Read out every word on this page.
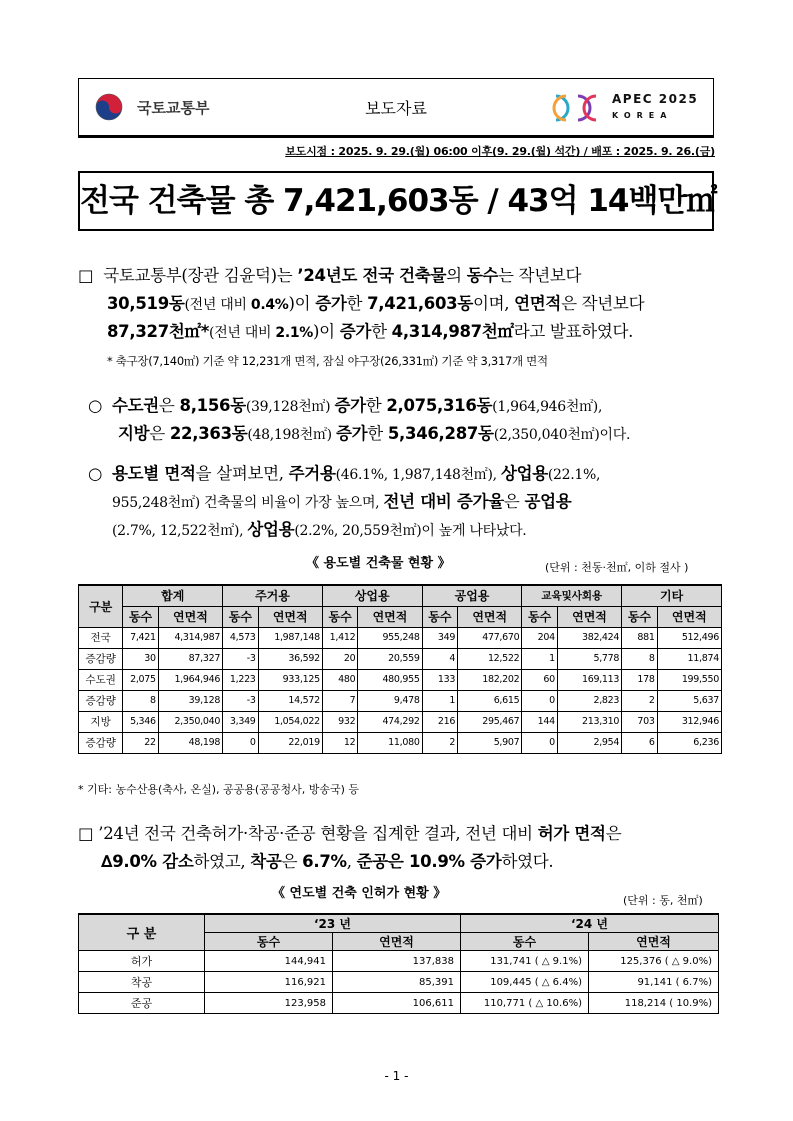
국토교통부	보도자료	APEC 2025
KOREA
보도시점 : 2025. 9. 29.(월) 06:00 이후(9. 29.(월) 석간) / 배포 : 2025. 9. 26.(금)
전국 건축물 총 7,421,603동 / 43억 14백만㎡
□ 국토교통부(장관 김윤덕)는 ’24년도 전국 건축물의 동수는 작년보다
30,519동(전년 대비 0.4%)이 증가한 7,421,603동이며, 연면적은 작년보다
87,327천㎡*(전년 대비 2.1%)이 증가한 4,314,987천㎡라고 발표하였다.
* 축구장(7,140㎡) 기준 약 12,231개 면적, 잠실 야구장(26,331㎡) 기준 약 3,317개 면적
○ 수도권은 8,156동(39,128천㎡) 증가한 2,075,316동(1,964,946천㎡),
지방은 22,363동(48,198천㎡) 증가한 5,346,287동(2,350,040천㎡)이다.
○ 용도별 면적을 살펴보면, 주거용(46.1%, 1,987,148천㎡), 상업용(22.1%,
955,248천㎡) 건축물의 비율이 가장 높으며, 전년 대비 증가율은 공업용
(2.7%, 12,522천㎡), 상업용(2.2%, 20,559천㎡)이 높게 나타났다.
《 용도별 건축물 현황 》	(단위 : 천동·천㎡, 이하 절사 )
구분	합계		주거용		상업용		공업용		교육및사회용		기타	
	동수	연면적	동수	연면적	동수	연면적	동수	연면적	동수	연면적	동수	연면적
전국	7,421	4,314,987	4,573	1,987,148	1,412	955,248	349	477,670	204	382,424	881	512,496
증감량	30	87,327	-3	36,592	20	20,559	4	12,522	1	5,778	8	11,874
수도권	2,075	1,964,946	1,223	933,125	480	480,955	133	182,202	60	169,113	178	199,550
증감량	8	39,128	-3	14,572	7	9,478	1	6,615	0	2,823	2	5,637
지방	5,346	2,350,040	3,349	1,054,022	932	474,292	216	295,467	144	213,310	703	312,946
증감량	22	48,198	0	22,019	12	11,080	2	5,907	0	2,954	6	6,236
* 기타: 농수산용(축사, 온실), 공공용(공공청사, 방송국) 등
□ ’24년 전국 건축허가·착공·준공 현황을 집계한 결과, 전년 대비 허가 면적은
∆9.0% 감소하였고, 착공은 6.7%, 준공은 10.9% 증가하였다.
《 연도별 건축 인허가 현황 》	(단위 : 동, 천㎡)
구 분	‘23 년		‘24 년	
	동수	연면적	동수	연면적
허가	144,941	137,838	131,741 ( △ 9.1%)	125,376 ( △ 9.0%)
착공	116,921	85,391	109,445 ( △ 6.4%)	91,141 ( 6.7%)
준공	123,958	106,611	110,771 ( △ 10.6%)	118,214 ( 10.9%)
- 1 -
